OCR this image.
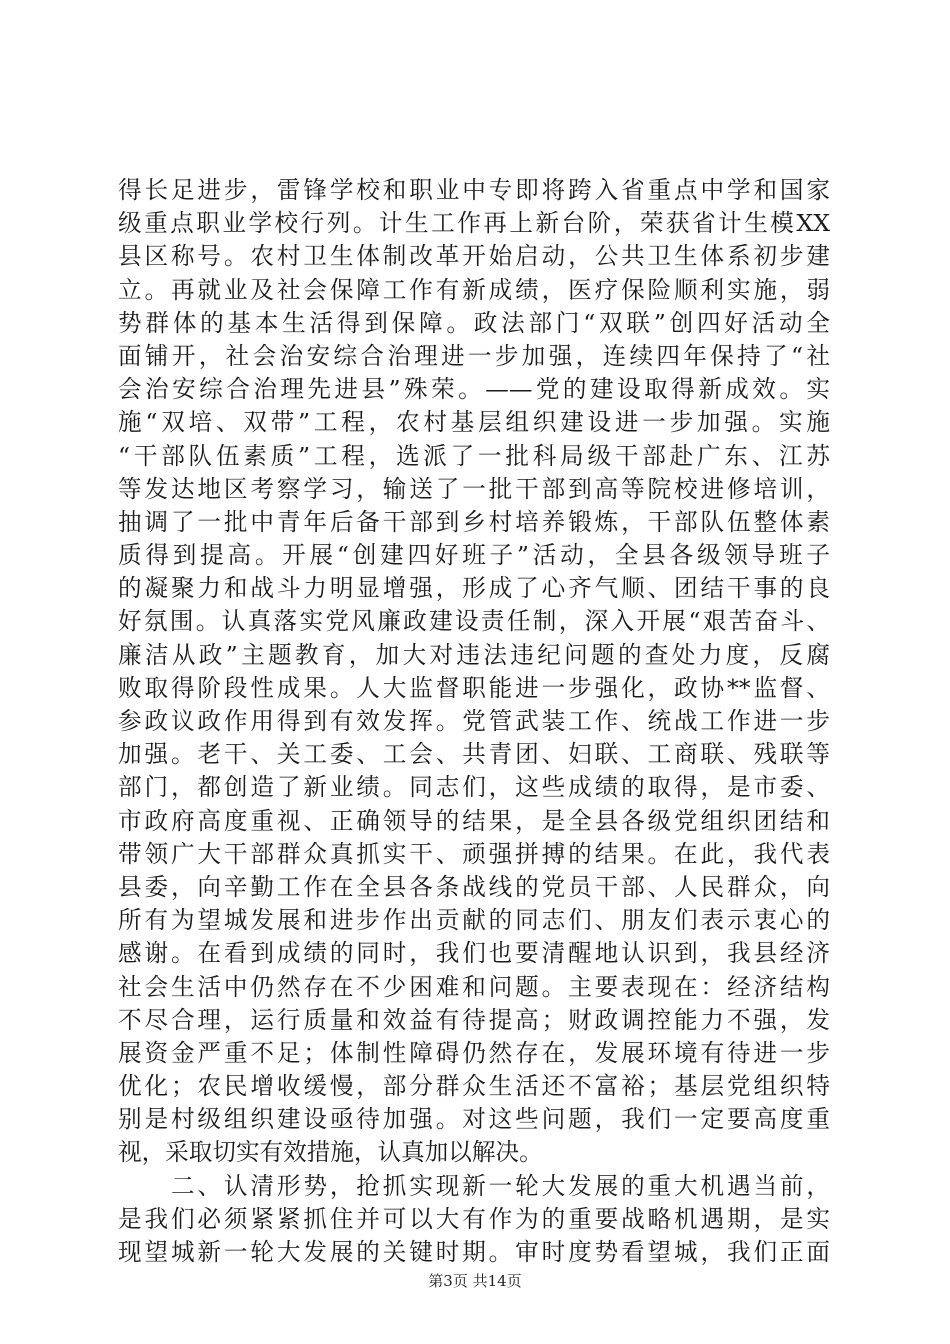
得长足进步，雷锋学校和职业中专即将跨入省重点中学和国家
级重点职业学校行列。计生工作再上新台阶，荣获省计生模XX
县区称号。农村卫生体制改革开始启动，公共卫生体系初步建
立。再就业及社会保障工作有新成绩，医疗保险顺利实施，弱
势群体的基本生活得到保障。政法部门“双联”创四好活动全
面铺开，社会治安综合治理进一步加强，连续四年保持了“社
会治安综合治理先进县”殊荣。——党的建设取得新成效。实
施“双培、双带”工程，农村基层组织建设进一步加强。实施
“干部队伍素质”工程，选派了一批科局级干部赴广东、江苏
等发达地区考察学习，输送了一批干部到高等院校进修培训，
抽调了一批中青年后备干部到乡村培养锻炼，干部队伍整体素
质得到提高。开展“创建四好班子”活动，全县各级领导班子
的凝聚力和战斗力明显增强，形成了心齐气顺、团结干事的良
好氛围。认真落实党风廉政建设责任制，深入开展“艰苦奋斗、
廉洁从政”主题教育，加大对违法违纪问题的查处力度，反腐
败取得阶段性成果。人大监督职能进一步强化，政协**监督、
参政议政作用得到有效发挥。党管武装工作、统战工作进一步
加强。老干、关工委、工会、共青团、妇联、工商联、残联等
部门，都创造了新业绩。同志们，这些成绩的取得，是市委、
市政府高度重视、正确领导的结果，是全县各级党组织团结和
带领广大干部群众真抓实干、顽强拼搏的结果。在此，我代表
县委，向辛勤工作在全县各条战线的党员干部、人民群众，向
所有为望城发展和进步作出贡献的同志们、朋友们表示衷心的
感谢。在看到成绩的同时，我们也要清醒地认识到，我县经济
社会生活中仍然存在不少困难和问题。主要表现在：经济结构
不尽合理，运行质量和效益有待提高；财政调控能力不强，发
展资金严重不足；体制性障碍仍然存在，发展环境有待进一步
优化；农民增收缓慢，部分群众生活还不富裕；基层党组织特
别是村级组织建设亟待加强。对这些问题，我们一定要高度重
视，采取切实有效措施，认真加以解决。
　　二、认清形势，抢抓实现新一轮大发展的重大机遇当前，
是我们必须紧紧抓住并可以大有作为的重要战略机遇期，是实
现望城新一轮大发展的关键时期。审时度势看望城，我们正面
第3页 共14页
